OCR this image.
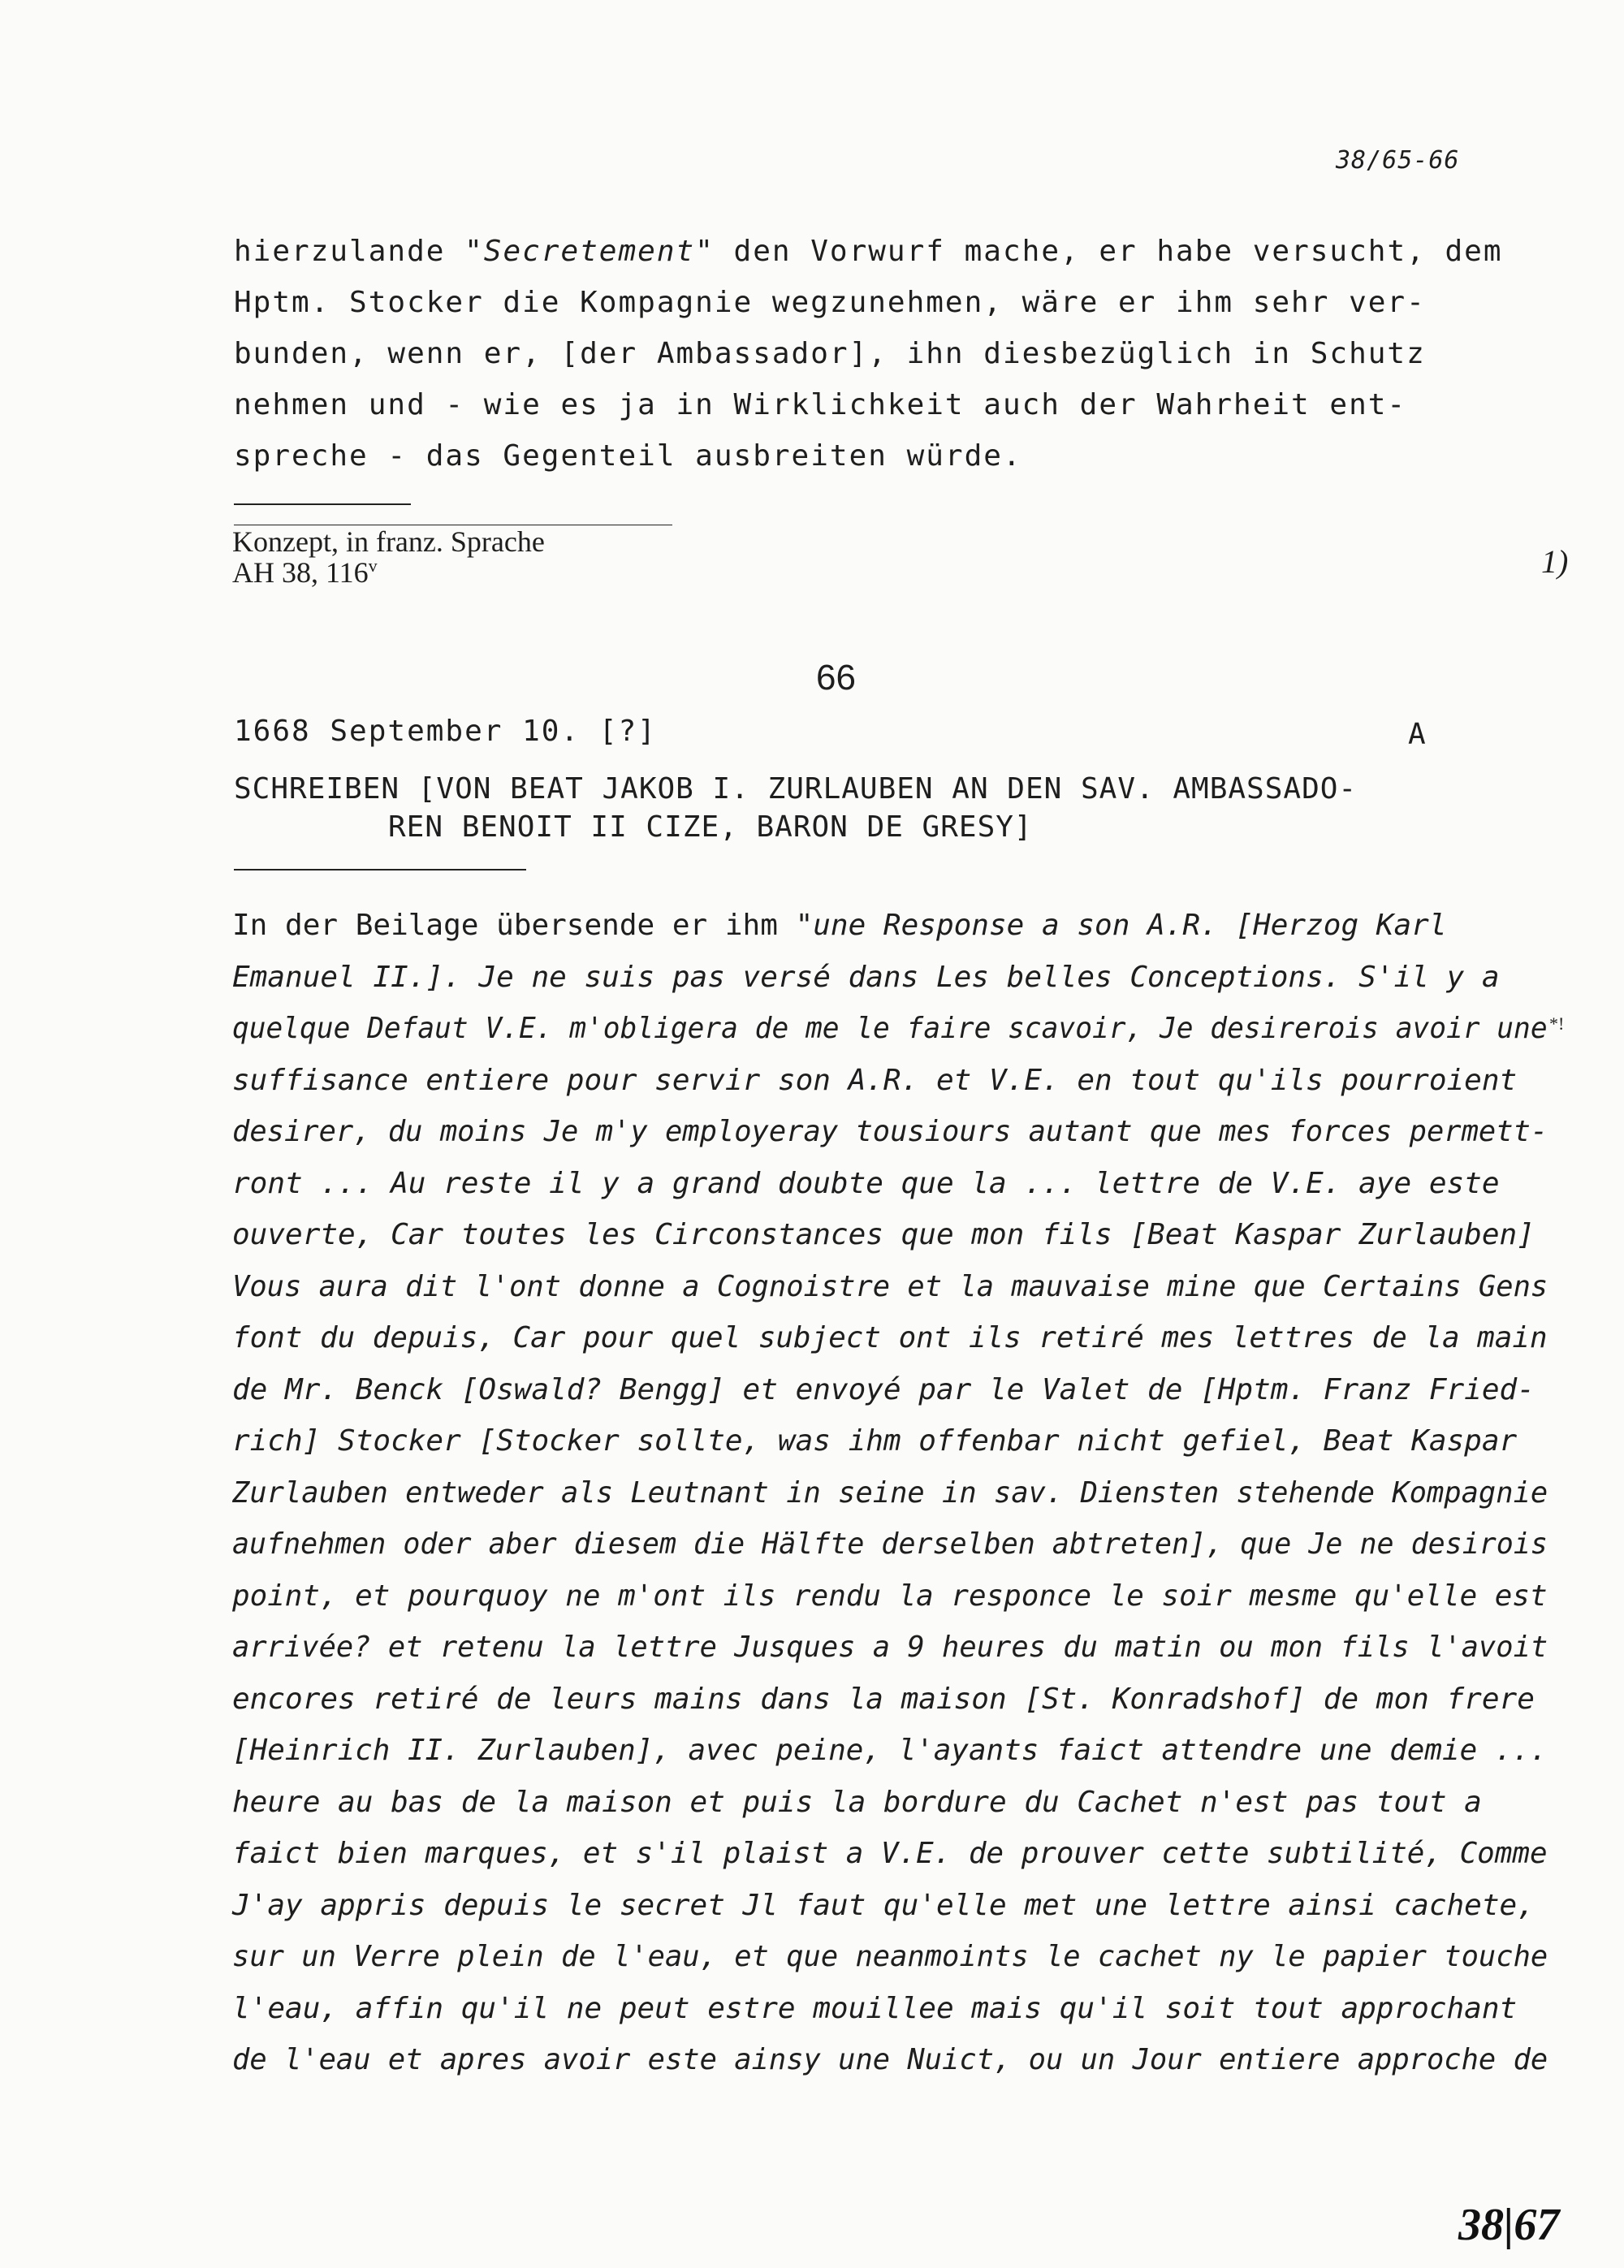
38/65-66
hierzulande "Secretement" den Vorwurf mache, er habe versucht, dem
Hptm. Stocker die Kompagnie wegzunehmen, wäre er ihm sehr ver-
bunden, wenn er, [der Ambassador], ihn diesbezüglich in Schutz
nehmen und - wie es ja in Wirklichkeit auch der Wahrheit ent-
spreche - das Gegenteil ausbreiten würde.
Konzept, in franz. Sprache
AH 38, 116$^v$	1)
*!
66
1668 September 10. [?]	A
SCHREIBEN [VON BEAT JAKOB I. ZURLAUBEN AN DEN SAV. AMBASSADO-
REN BENOIT II CIZE, BARON DE GRESY]
In der Beilage übersende er ihm "une Response a son A.R. [Herzog Karl
Emanuel II.]. Je ne suis pas versé dans Les belles Conceptions. S'il y a
quelque Defaut V.E. m'obligera de me le faire scavoir, Je desirerois avoir une
suffisance entiere pour servir son A.R. et V.E. en tout qu'ils pourroient
desirer, du moins Je m'y employeray tousiours autant que mes forces permett-
ront ... Au reste il y a grand doubte que la ... lettre de V.E. aye este
ouverte, Car toutes les Circonstances que mon fils [Beat Kaspar Zurlauben]
Vous aura dit l'ont donne a Cognoistre et la mauvaise mine que Certains Gens
font du depuis, Car pour quel subject ont ils retiré mes lettres de la main
de Mr. Benck [Oswald? Bengg] et envoyé par le Valet de [Hptm. Franz Fried-
rich] Stocker [Stocker sollte, was ihm offenbar nicht gefiel, Beat Kaspar
Zurlauben entweder als Leutnant in seine in sav. Diensten stehende Kompagnie
aufnehmen oder aber diesem die Hälfte derselben abtreten], que Je ne desirois
point, et pourquoy ne m'ont ils rendu la responce le soir mesme qu'elle est
arrivée? et retenu la lettre Jusques a 9 heures du matin ou mon fils l'avoit
encores retiré de leurs mains dans la maison [St. Konradshof] de mon frere
[Heinrich II. Zurlauben], avec peine, l'ayants faict attendre une demie ...
heure au bas de la maison et puis la bordure du Cachet n'est pas tout a
faict bien marques, et s'il plaist a V.E. de prouver cette subtilité, Comme
J'ay appris depuis le secret Jl faut qu'elle met une lettre ainsi cachete,
sur un Verre plein de l'eau, et que neanmoints le cachet ny le papier touche
l'eau, affin qu'il ne peut estre mouillee mais qu'il soit tout approchant
de l'eau et apres avoir este ainsy une Nuict, ou un Jour entiere approche de
38|67
